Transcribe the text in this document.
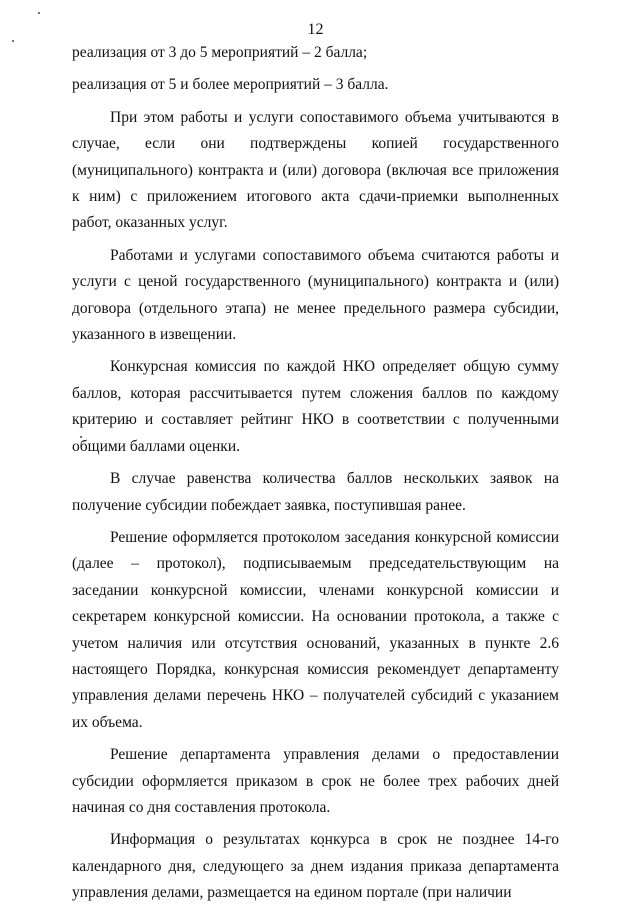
12

реализация от 3 до 5 мероприятий – 2 балла;

реализация от 5 и более мероприятий – 3 балла.

При этом работы и услуги сопоставимого объема учитываются в случае, если они подтверждены копией государственного (муниципального) контракта и (или) договора (включая все приложения к ним) с приложением итогового акта сдачи-приемки выполненных работ, оказанных услуг.

Работами и услугами сопоставимого объема считаются работы и услуги с ценой государственного (муниципального) контракта и (или) договора (отдельного этапа) не менее предельного размера субсидии, указанного в извещении.

Конкурсная комиссия по каждой НКО определяет общую сумму баллов, которая рассчитывается путем сложения баллов по каждому критерию и составляет рейтинг НКО в соответствии с полученными общими баллами оценки.

В случае равенства количества баллов нескольких заявок на получение субсидии побеждает заявка, поступившая ранее.

Решение оформляется протоколом заседания конкурсной комиссии (далее – протокол), подписываемым председательствующим на заседании конкурсной комиссии, членами конкурсной комиссии и секретарем конкурсной комиссии. На основании протокола, а также с учетом наличия или отсутствия оснований, указанных в пункте 2.6 настоящего Порядка, конкурсная комиссия рекомендует департаменту управления делами перечень НКО – получателей субсидий с указанием их объема.

Решение департамента управления делами о предоставлении субсидии оформляется приказом в срок не более трех рабочих дней начиная со дня составления протокола.

Информация о результатах конкурса в срок не позднее 14-го календарного дня, следующего за днем издания приказа департамента управления делами, размещается на едином портале (при наличии
